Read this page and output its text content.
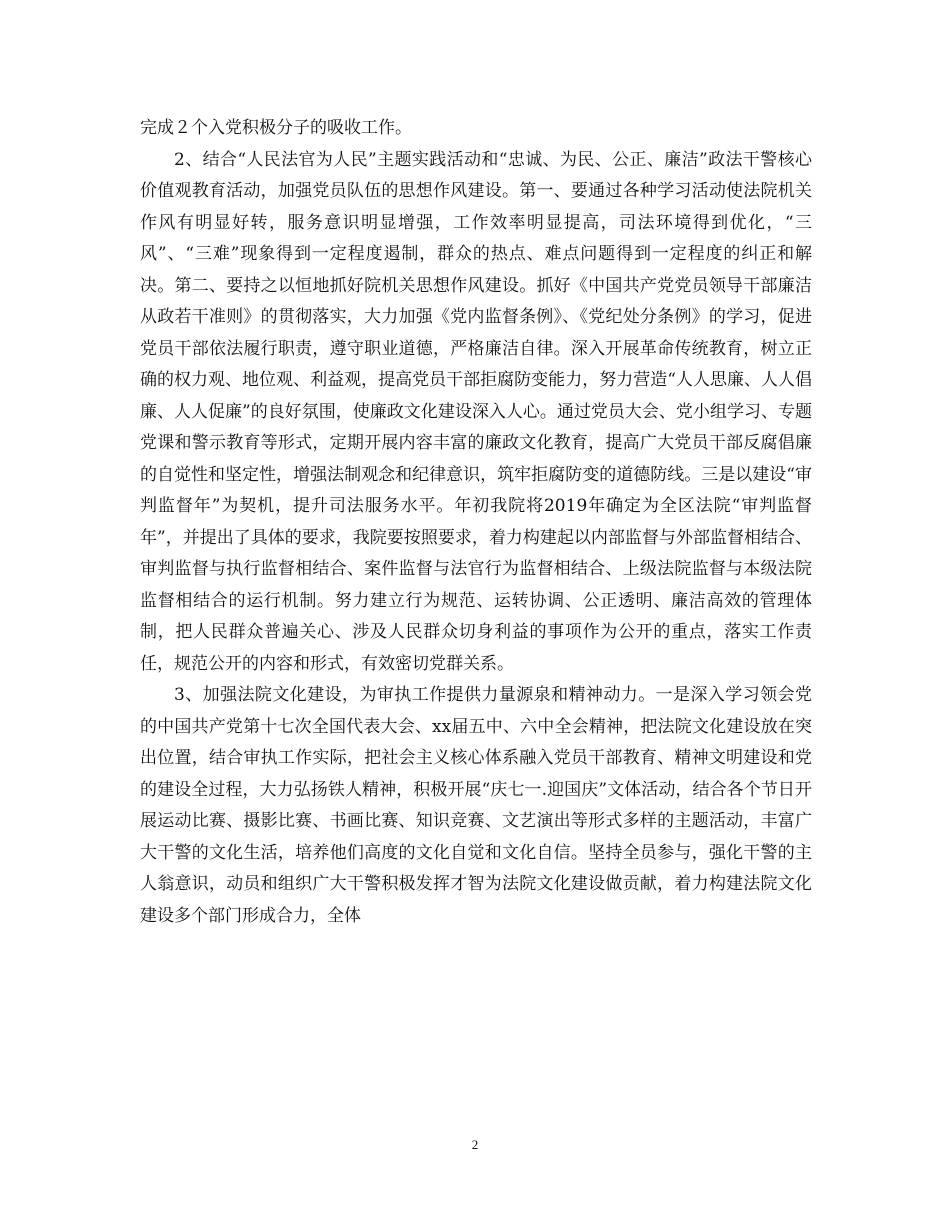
完成２个入党积极分子的吸收工作。

2、结合“人民法官为人民”主题实践活动和“忠诚、为民、公正、廉洁”政法干警核心价值观教育活动，加强党员队伍的思想作风建设。第一、要通过各种学习活动使法院机关作风有明显好转，服务意识明显增强，工作效率明显提高，司法环境得到优化，“三风”、“三难”现象得到一定程度遏制，群众的热点、难点问题得到一定程度的纠正和解决。第二、要持之以恒地抓好院机关思想作风建设。抓好《中国共产党党员领导干部廉洁从政若干准则》的贯彻落实，大力加强《党内监督条例》、《党纪处分条例》的学习，促进党员干部依法履行职责，遵守职业道德，严格廉洁自律。深入开展革命传统教育，树立正确的权力观、地位观、利益观，提高党员干部拒腐防变能力，努力营造“人人思廉、人人倡廉、人人促廉”的良好氛围，使廉政文化建设深入人心。通过党员大会、党小组学习、专题党课和警示教育等形式，定期开展内容丰富的廉政文化教育，提高广大党员干部反腐倡廉的自觉性和坚定性，增强法制观念和纪律意识，筑牢拒腐防变的道德防线。三是以建设“审判监督年”为契机，提升司法服务水平。年初我院将2019年确定为全区法院“审判监督年”，并提出了具体的要求，我院要按照要求，着力构建起以内部监督与外部监督相结合、审判监督与执行监督相结合、案件监督与法官行为监督相结合、上级法院监督与本级法院监督相结合的运行机制。努力建立行为规范、运转协调、公正透明、廉洁高效的管理体制，把人民群众普遍关心、涉及人民群众切身利益的事项作为公开的重点，落实工作责任，规范公开的内容和形式，有效密切党群关系。

3、加强法院文化建设，为审执工作提供力量源泉和精神动力。一是深入学习领会党的中国共产党第十七次全国代表大会、xx届五中、六中全会精神，把法院文化建设放在突出位置，结合审执工作实际，把社会主义核心体系融入党员干部教育、精神文明建设和党的建设全过程，大力弘扬铁人精神，积极开展“庆七一.迎国庆”文体活动，结合各个节日开展运动比赛、摄影比赛、书画比赛、知识竞赛、文艺演出等形式多样的主题活动，丰富广大干警的文化生活，培养他们高度的文化自觉和文化自信。坚持全员参与，强化干警的主人翁意识，动员和组织广大干警积极发挥才智为法院文化建设做贡献，着力构建法院文化建设多个部门形成合力，全体

2
